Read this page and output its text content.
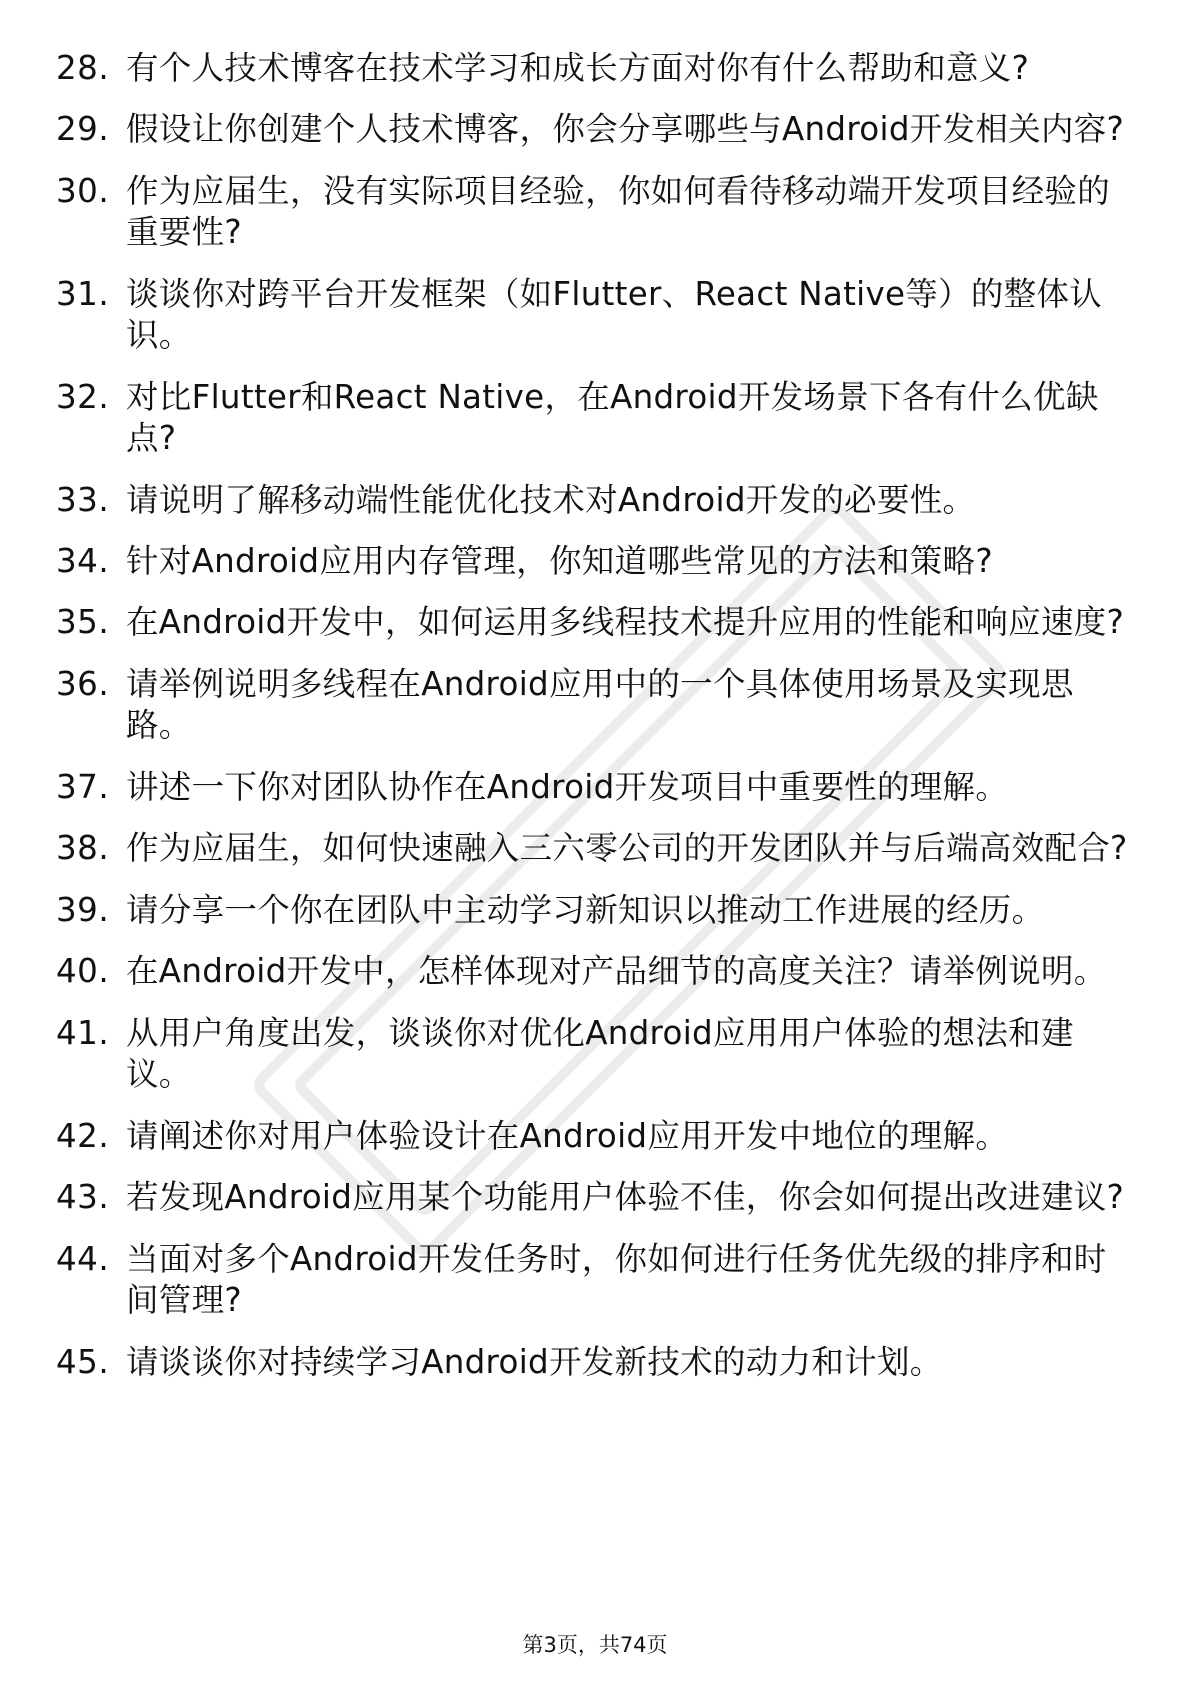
28. 有个人技术博客在技术学习和成长方面对你有什么帮助和意义?
29. 假设让你创建个人技术博客，你会分享哪些与Android开发相关内容?
30. 作为应届生，没有实际项目经验，你如何看待移动端开发项目经验的重要性?
31. 谈谈你对跨平台开发框架（如Flutter、React Native等）的整体认识。
32. 对比Flutter和React Native，在Android开发场景下各有什么优缺点?
33. 请说明了解移动端性能优化技术对Android开发的必要性。
34. 针对Android应用内存管理，你知道哪些常见的方法和策略?
35. 在Android开发中，如何运用多线程技术提升应用的性能和响应速度?
36. 请举例说明多线程在Android应用中的一个具体使用场景及实现思路。
37. 讲述一下你对团队协作在Android开发项目中重要性的理解。
38. 作为应届生，如何快速融入三六零公司的开发团队并与后端高效配合?
39. 请分享一个你在团队中主动学习新知识以推动工作进展的经历。
40. 在Android开发中，怎样体现对产品细节的高度关注？请举例说明。
41. 从用户角度出发，谈谈你对优化Android应用用户体验的想法和建议。
42. 请阐述你对用户体验设计在Android应用开发中地位的理解。
43. 若发现Android应用某个功能用户体验不佳，你会如何提出改进建议?
44. 当面对多个Android开发任务时，你如何进行任务优先级的排序和时间管理?
45. 请谈谈你对持续学习Android开发新技术的动力和计划。
第3页，共74页
